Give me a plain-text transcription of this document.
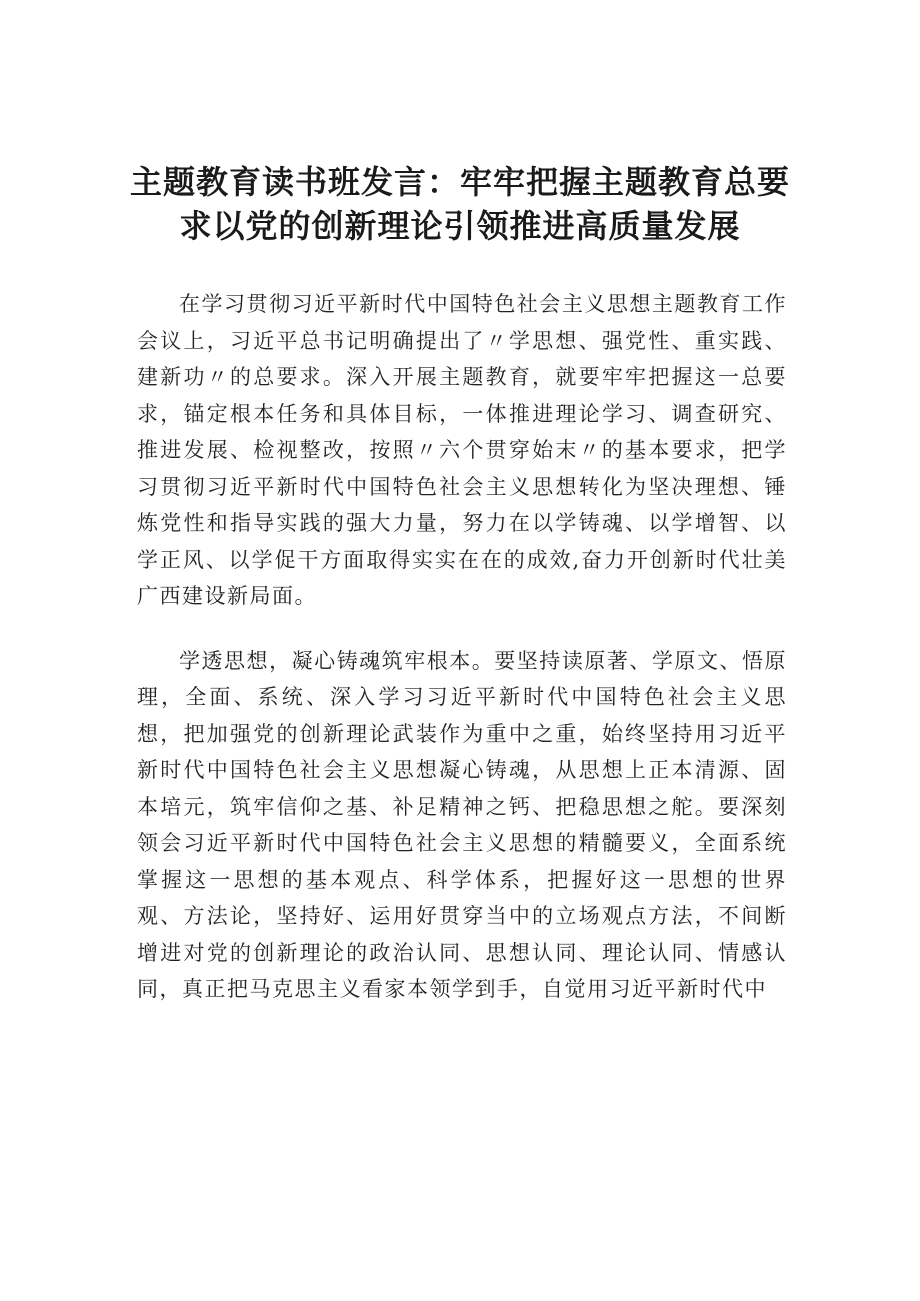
主题教育读书班发言：牢牢把握主题教育总要求以党的创新理论引领推进高质量发展

在学习贯彻习近平新时代中国特色社会主义思想主题教育工作会议上，习近平总书记明确提出了〃学思想、强党性、重实践、建新功〃的总要求。深入开展主题教育，就要牢牢把握这一总要求，锚定根本任务和具体目标，一体推进理论学习、调查研究、推进发展、检视整改，按照〃六个贯穿始末〃的基本要求，把学习贯彻习近平新时代中国特色社会主义思想转化为坚决理想、锤炼党性和指导实践的强大力量，努力在以学铸魂、以学增智、以学正风、以学促干方面取得实实在在的成效,奋力开创新时代壮美广西建设新局面。

学透思想，凝心铸魂筑牢根本。要坚持读原著、学原文、悟原理，全面、系统、深入学习习近平新时代中国特色社会主义思想，把加强党的创新理论武装作为重中之重，始终坚持用习近平新时代中国特色社会主义思想凝心铸魂，从思想上正本清源、固本培元，筑牢信仰之基、补足精神之钙、把稳思想之舵。要深刻领会习近平新时代中国特色社会主义思想的精髓要义，全面系统掌握这一思想的基本观点、科学体系，把握好这一思想的世界观、方法论，坚持好、运用好贯穿当中的立场观点方法，不间断增进对党的创新理论的政治认同、思想认同、理论认同、情感认同，真正把马克思主义看家本领学到手，自觉用习近平新时代中
